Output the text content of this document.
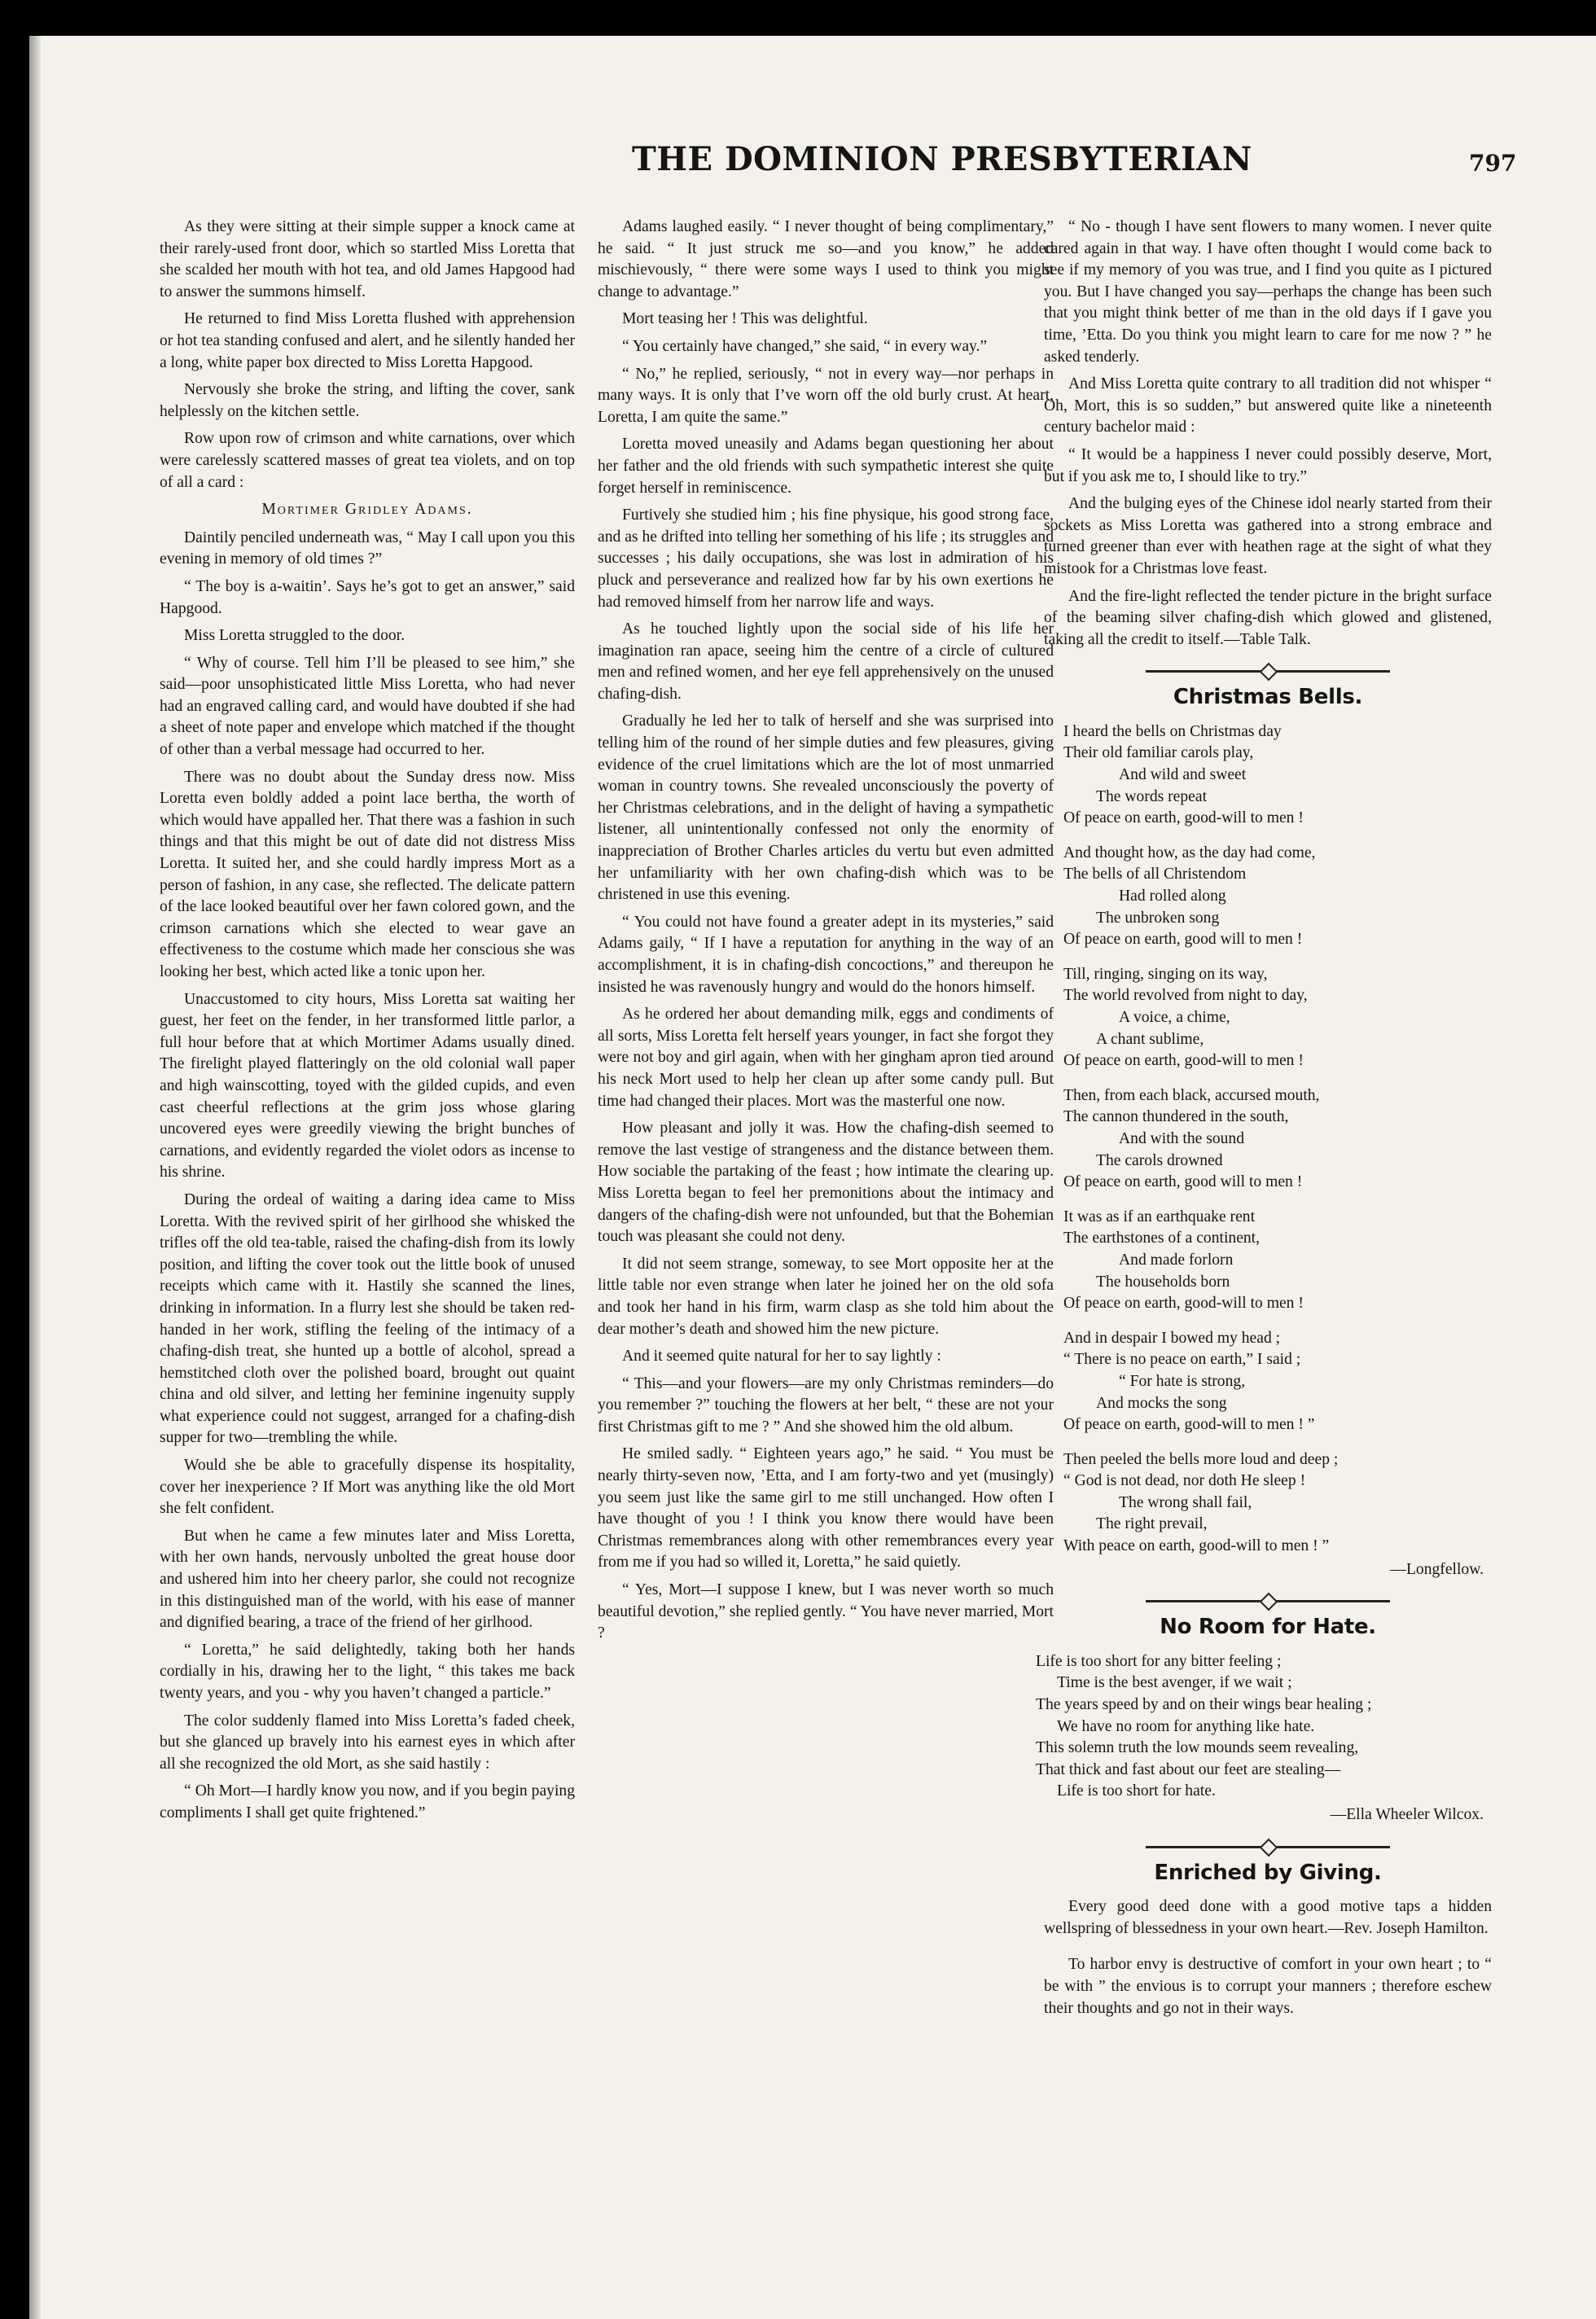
THE DOMINION PRESBYTERIAN	797

As they were sitting at their simple supper a knock came at their rarely-used front door, which so startled Miss Loretta that she scalded her mouth with hot tea, and old James Hapgood had to answer the summons himself.

He returned to find Miss Loretta flushed with apprehension or hot tea standing confused and alert, and he silently handed her a long, white paper box directed to Miss Loretta Hapgood.

Nervously she broke the string, and lifting the cover, sank helplessly on the kitchen settle.

Row upon row of crimson and white carnations, over which were carelessly scattered masses of great tea violets, and on top of all a card :

Mortimer Gridley Adams.

Daintily penciled underneath was, “ May I call upon you this evening in memory of old times ?”

“ The boy is a-waitin’. Says he’s got to get an answer,” said Hapgood.

Miss Loretta struggled to the door.

“ Why of course. Tell him I’ll be pleased to see him,” she said—poor unsophisticated little Miss Loretta, who had never had an engraved calling card, and would have doubted if she had a sheet of note paper and envelope which matched if the thought of other than a verbal message had occurred to her.

There was no doubt about the Sunday dress now. Miss Loretta even boldly added a point lace bertha, the worth of which would have appalled her. That there was a fashion in such things and that this might be out of date did not distress Miss Loretta. It suited her, and she could hardly impress Mort as a person of fashion, in any case, she reflected. The delicate pattern of the lace looked beautiful over her fawn colored gown, and the crimson carnations which she elected to wear gave an effectiveness to the costume which made her conscious she was looking her best, which acted like a tonic upon her.

Unaccustomed to city hours, Miss Loretta sat waiting her guest, her feet on the fender, in her transformed little parlor, a full hour before that at which Mortimer Adams usually dined. The firelight played flatteringly on the old colonial wall paper and high wainscotting, toyed with the gilded cupids, and even cast cheerful reflections at the grim joss whose glaring uncovered eyes were greedily viewing the bright bunches of carnations, and evidently regarded the violet odors as incense to his shrine.

During the ordeal of waiting a daring idea came to Miss Loretta. With the revived spirit of her girlhood she whisked the trifles off the old tea-table, raised the chafing-dish from its lowly position, and lifting the cover took out the little book of unused receipts which came with it. Hastily she scanned the lines, drinking in information. In a flurry lest she should be taken red-handed in her work, stifling the feeling of the intimacy of a chafing-dish treat, she hunted up a bottle of alcohol, spread a hemstitched cloth over the polished board, brought out quaint china and old silver, and letting her feminine ingenuity supply what experience could not suggest, arranged for a chafing-dish supper for two—trembling the while.

Would she be able to gracefully dispense its hospitality, cover her inexperience ? If Mort was anything like the old Mort she felt confident.

But when he came a few minutes later and Miss Loretta, with her own hands, nervously unbolted the great house door and ushered him into her cheery parlor, she could not recognize in this distinguished man of the world, with his ease of manner and dignified bearing, a trace of the friend of her girlhood.

“ Loretta,” he said delightedly, taking both her hands cordially in his, drawing her to the light, “ this takes me back twenty years, and you - why you haven’t changed a particle.”

The color suddenly flamed into Miss Loretta’s faded cheek, but she glanced up bravely into his earnest eyes in which after all she recognized the old Mort, as she said hastily :

“ Oh Mort—I hardly know you now, and if you begin paying compliments I shall get quite frightened.”

Adams laughed easily. “ I never thought of being complimentary,” he said. “ It just struck me so—and you know,” he added mischievously, “ there were some ways I used to think you might change to advantage.”

Mort teasing her ! This was delightful.

“ You certainly have changed,” she said, “ in every way.”

“ No,” he replied, seriously, “ not in every way—nor perhaps in many ways. It is only that I’ve worn off the old burly crust. At heart, Loretta, I am quite the same.”

Loretta moved uneasily and Adams began questioning her about her father and the old friends with such sympathetic interest she quite forget herself in reminiscence.

Furtively she studied him ; his fine physique, his good strong face, and as he drifted into telling her something of his life ; its struggles and successes ; his daily occupations, she was lost in admiration of his pluck and perseverance and realized how far by his own exertions he had removed himself from her narrow life and ways.

As he touched lightly upon the social side of his life her imagination ran apace, seeing him the centre of a circle of cultured men and refined women, and her eye fell apprehensively on the unused chafing-dish.

Gradually he led her to talk of herself and she was surprised into telling him of the round of her simple duties and few pleasures, giving evidence of the cruel limitations which are the lot of most unmarried woman in country towns. She revealed unconsciously the poverty of her Christmas celebrations, and in the delight of having a sympathetic listener, all unintentionally confessed not only the enormity of inappreciation of Brother Charles articles du vertu but even admitted her unfamiliarity with her own chafing-dish which was to be christened in use this evening.

“ You could not have found a greater adept in its mysteries,” said Adams gaily, “ If I have a reputation for anything in the way of an accomplishment, it is in chafing-dish concoctions,” and thereupon he insisted he was ravenously hungry and would do the honors himself.

As he ordered her about demanding milk, eggs and condiments of all sorts, Miss Loretta felt herself years younger, in fact she forgot they were not boy and girl again, when with her gingham apron tied around his neck Mort used to help her clean up after some candy pull. But time had changed their places. Mort was the masterful one now.

How pleasant and jolly it was. How the chafing-dish seemed to remove the last vestige of strangeness and the distance between them. How sociable the partaking of the feast ; how intimate the clearing up. Miss Loretta began to feel her premonitions about the intimacy and dangers of the chafing-dish were not unfounded, but that the Bohemian touch was pleasant she could not deny.

It did not seem strange, someway, to see Mort opposite her at the little table nor even strange when later he joined her on the old sofa and took her hand in his firm, warm clasp as she told him about the dear mother’s death and showed him the new picture.

And it seemed quite natural for her to say lightly :

“ This—and your flowers—are my only Christmas reminders—do you remember ?” touching the flowers at her belt, “ these are not your first Christmas gift to me ? ” And she showed him the old album.

He smiled sadly. “ Eighteen years ago,” he said. “ You must be nearly thirty-seven now, ’Etta, and I am forty-two and yet (musingly) you seem just like the same girl to me still unchanged. How often I have thought of you ! I think you know there would have been Christmas remembrances along with other remembrances every year from me if you had so willed it, Loretta,” he said quietly.

“ Yes, Mort—I suppose I knew, but I was never worth so much beautiful devotion,” she replied gently. “ You have never married, Mort ?

“ No - though I have sent flowers to many women. I never quite cared again in that way. I have often thought I would come back to see if my memory of you was true, and I find you quite as I pictured you. But I have changed you say—perhaps the change has been such that you might think better of me than in the old days if I gave you time, ’Etta. Do you think you might learn to care for me now ? ” he asked tenderly.

And Miss Loretta quite contrary to all tradition did not whisper “ Oh, Mort, this is so sudden,” but answered quite like a nineteenth century bachelor maid :

“ It would be a happiness I never could possibly deserve, Mort, but if you ask me to, I should like to try.”

And the bulging eyes of the Chinese idol nearly started from their sockets as Miss Loretta was gathered into a strong embrace and turned greener than ever with heathen rage at the sight of what they mistook for a Christmas love feast.

And the fire-light reflected the tender picture in the bright surface of the beaming silver chafing-dish which glowed and glistened, taking all the credit to itself.—Table Talk.

Christmas Bells.
I heard the bells on Christmas day
Their old familiar carols play,
And wild and sweet
The words repeat
Of peace on earth, good-will to men !
And thought how, as the day had come,
The bells of all Christendom
Had rolled along
The unbroken song
Of peace on earth, good will to men !
Till, ringing, singing on its way,
The world revolved from night to day,
A voice, a chime,
A chant sublime,
Of peace on earth, good-will to men !
Then, from each black, accursed mouth,
The cannon thundered in the south,
And with the sound
The carols drowned
Of peace on earth, good will to men !
It was as if an earthquake rent
The earthstones of a continent,
And made forlorn
The households born
Of peace on earth, good-will to men !
And in despair I bowed my head ;
“ There is no peace on earth,” I said ;
“ For hate is strong,
And mocks the song
Of peace on earth, good-will to men ! ”
Then peeled the bells more loud and deep ;
“ God is not dead, nor doth He sleep !
The wrong shall fail,
The right prevail,
With peace on earth, good-will to men ! ”
—Longfellow.
No Room for Hate.
Life is too short for any bitter feeling ;
Time is the best avenger, if we wait ;
The years speed by and on their wings bear healing ;
We have no room for anything like hate.
This solemn truth the low mounds seem revealing,
That thick and fast about our feet are stealing—
Life is too short for hate.
—Ella Wheeler Wilcox.
Enriched by Giving.

Every good deed done with a good motive taps a hidden wellspring of blessedness in your own heart.—Rev. Joseph Hamilton.

To harbor envy is destructive of comfort in your own heart ; to “ be with ” the envious is to corrupt your manners ; therefore eschew their thoughts and go not in their ways.
